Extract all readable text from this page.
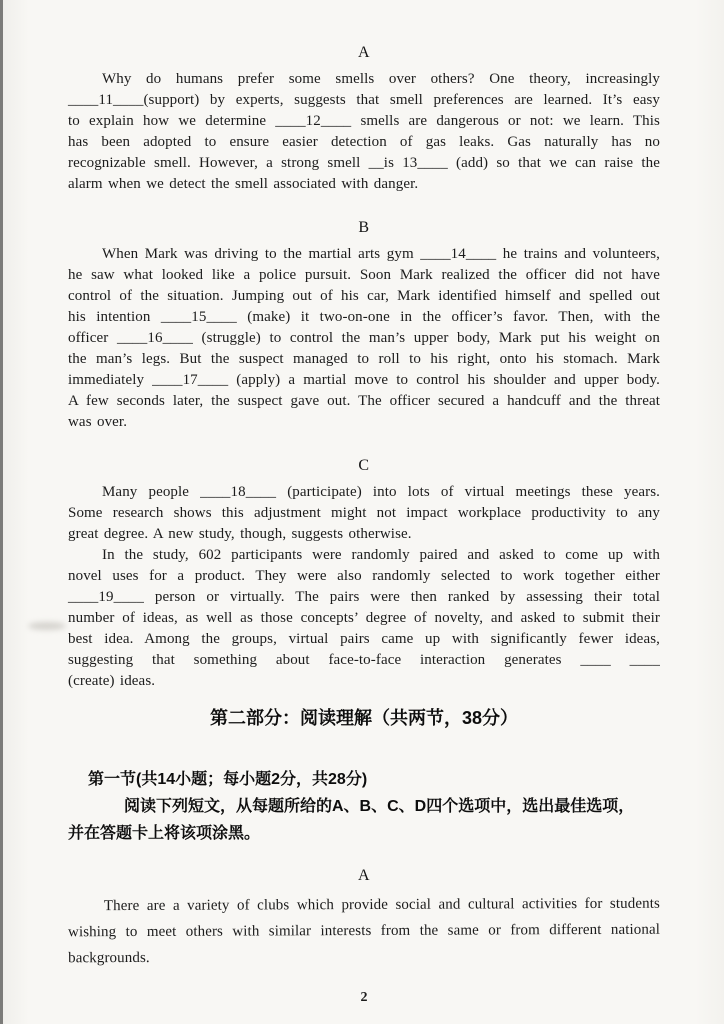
A
Why do humans prefer some smells over others? One theory, increasingly
____11____(support) by experts, suggests that smell preferences are learned. It’s easy
to explain how we determine ____12____ smells are dangerous or not: we learn. This
has been adopted to ensure easier detection of gas leaks. Gas naturally has no
recognizable smell. However, a strong smell __is 13____ (add) so that we can raise the
alarm when we detect the smell associated with danger.
B
When Mark was driving to the martial arts gym ____14____ he trains and volunteers,
he saw what looked like a police pursuit. Soon Mark realized the officer did not have
control of the situation. Jumping out of his car, Mark identified himself and spelled out
his intention ____15____ (make) it two-on-one in the officer’s favor. Then, with the
officer ____16____ (struggle) to control the man’s upper body, Mark put his weight on
the man’s legs. But the suspect managed to roll to his right, onto his stomach. Mark
immediately ____17____ (apply) a martial move to control his shoulder and upper body.
A few seconds later, the suspect gave out. The officer secured a handcuff and the threat
was over.
C
Many people ____18____ (participate) into lots of virtual meetings these years.
Some research shows this adjustment might not impact workplace productivity to any
great degree. A new study, though, suggests otherwise.
In the study, 602 participants were randomly paired and asked to come up with
novel uses for a product. They were also randomly selected to work together either
____19____ person or virtually. The pairs were then ranked by assessing their total
number of ideas, as well as those concepts’ degree of novelty, and asked to submit their
best idea. Among the groups, virtual pairs came up with significantly fewer ideas,
suggesting that something about face-to-face interaction generates ____ ____
(create) ideas.
第二部分：阅读理解（共两节，38分）
第一节(共14小题；每小题2分，共28分)
阅读下列短文，从每题所给的A、B、C、D四个选项中，选出最佳选项，
并在答题卡上将该项涂黑。
A
There are a variety of clubs which provide social and cultural activities for students
wishing to meet others with similar interests from the same or from different national
backgrounds.
2
